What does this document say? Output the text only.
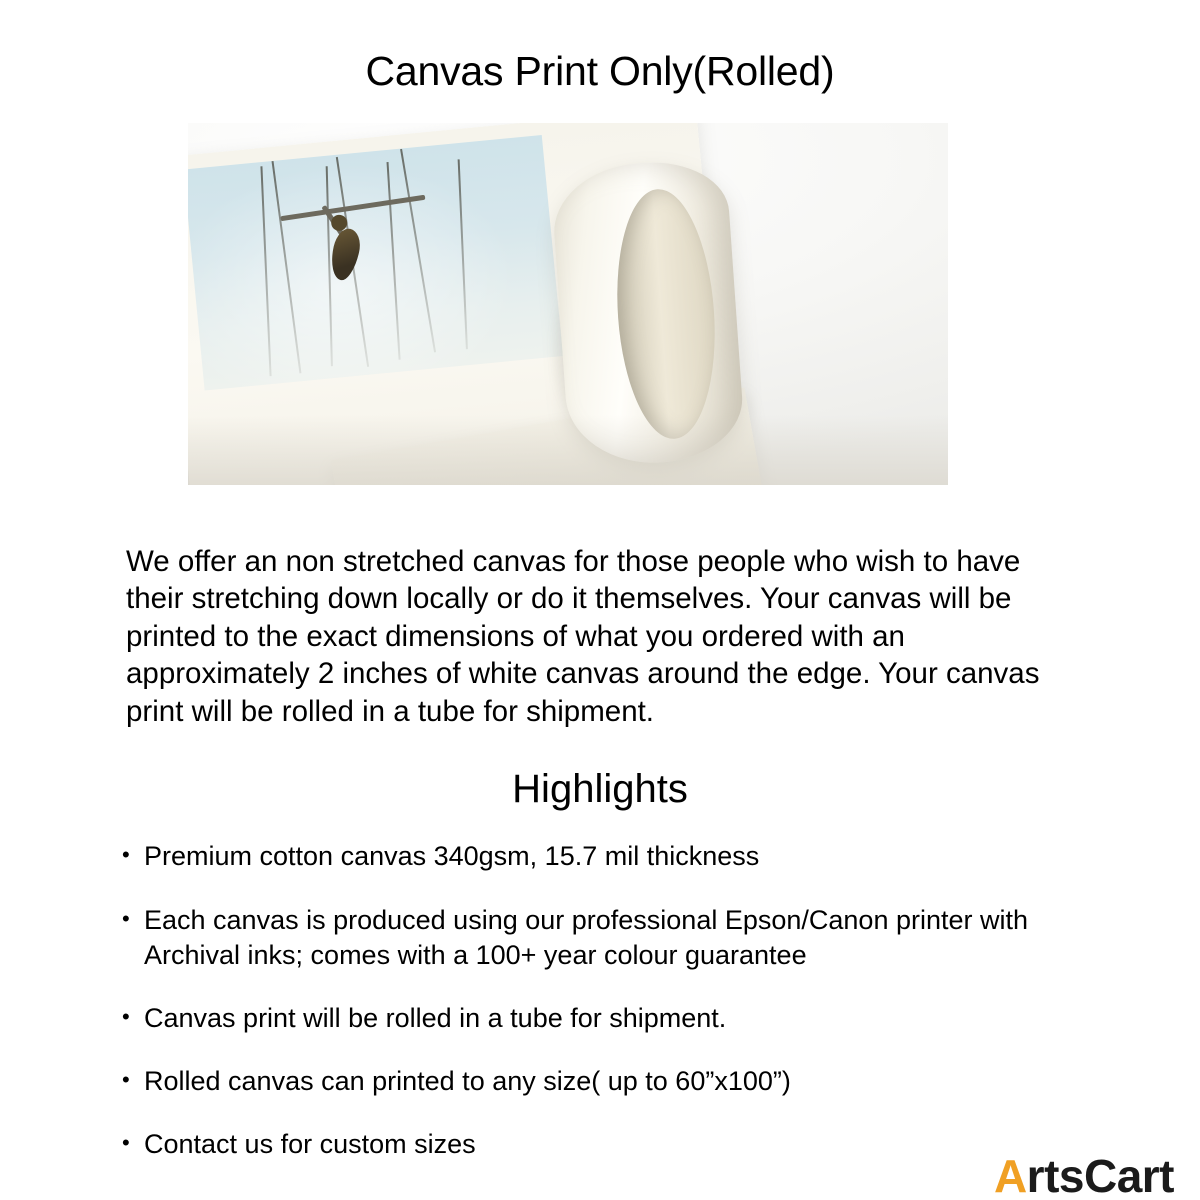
Canvas Print Only(Rolled)

We offer an non stretched canvas for those people who wish to have their stretching down locally or do it themselves. Your canvas will be printed to the exact dimensions of what you ordered with an approximately 2 inches of white canvas around the edge. Your canvas print will be rolled in a tube for shipment.

Highlights
• Premium cotton canvas 340gsm, 15.7 mil thickness
• Each canvas is produced using our professional Epson/Canon printer with Archival inks; comes with a 100+ year colour guarantee
• Canvas print will be rolled in a tube for shipment.
• Rolled canvas can printed to any size( up to 60”x100”)
• Contact us for custom sizes
A rtsCart
